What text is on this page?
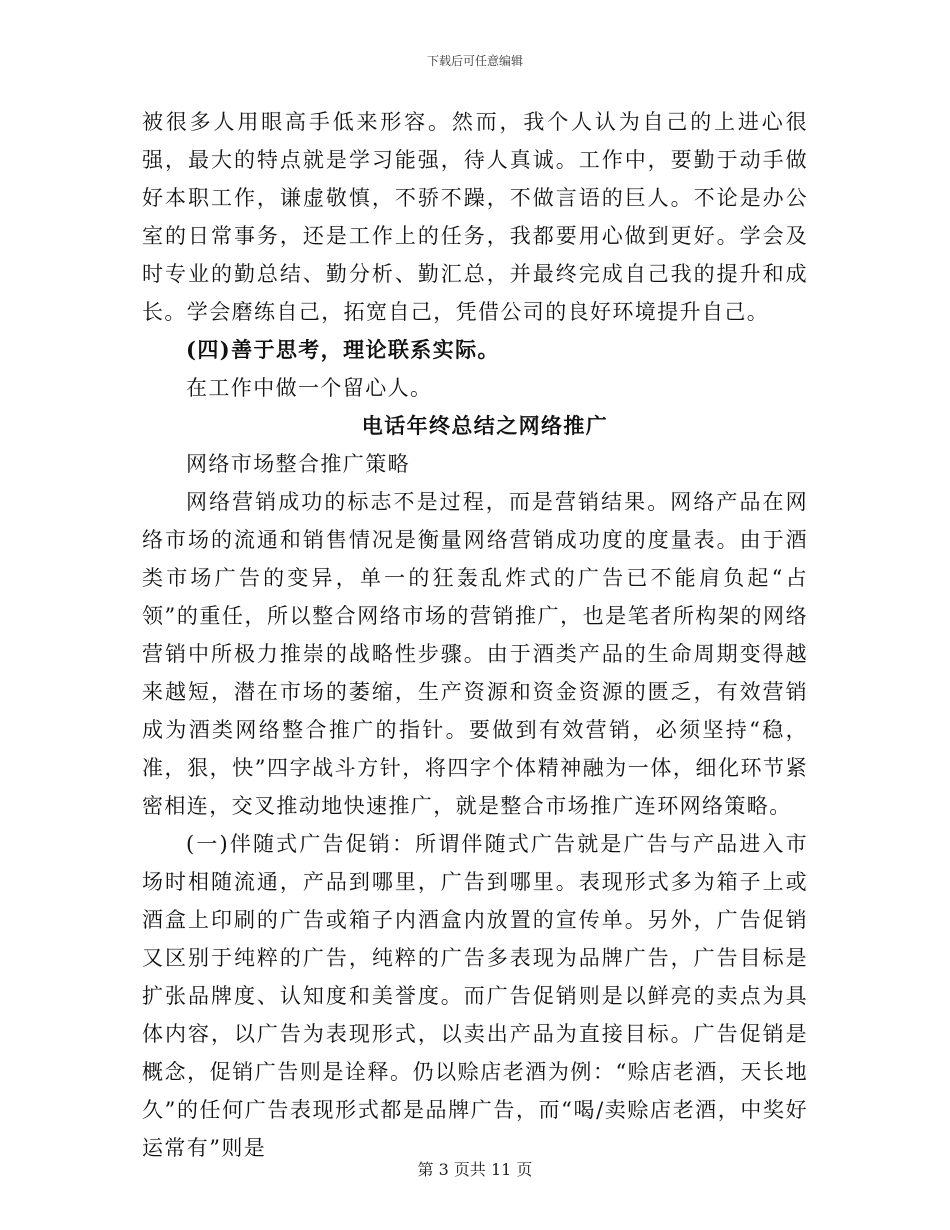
下载后可任意编辑

被很多人用眼高手低来形容。然而，我个人认为自己的上进心很强，最大的特点就是学习能强，待人真诚。工作中，要勤于动手做好本职工作，谦虚敬慎，不骄不躁，不做言语的巨人。不论是办公室的日常事务，还是工作上的任务，我都要用心做到更好。学会及时专业的勤总结、勤分析、勤汇总，并最终完成自己我的提升和成长。学会磨练自己，拓宽自己，凭借公司的良好环境提升自己。

(四)善于思考，理论联系实际。

在工作中做一个留心人。

电话年终总结之网络推广

网络市场整合推广策略

网络营销成功的标志不是过程，而是营销结果。网络产品在网络市场的流通和销售情况是衡量网络营销成功度的度量表。由于酒类市场广告的变异，单一的狂轰乱炸式的广告已不能肩负起“占领”的重任，所以整合网络市场的营销推广，也是笔者所构架的网络营销中所极力推崇的战略性步骤。由于酒类产品的生命周期变得越来越短，潜在市场的萎缩，生产资源和资金资源的匮乏，有效营销成为酒类网络整合推广的指针。要做到有效营销，必须坚持“稳，准，狠，快”四字战斗方针，将四字个体精神融为一体，细化环节紧密相连，交叉推动地快速推广，就是整合市场推广连环网络策略。

(一)伴随式广告促销：所谓伴随式广告就是广告与产品进入市场时相随流通，产品到哪里，广告到哪里。表现形式多为箱子上或酒盒上印刷的广告或箱子内酒盒内放置的宣传单。另外，广告促销又区别于纯粹的广告，纯粹的广告多表现为品牌广告，广告目标是扩张品牌度、认知度和美誉度。而广告促销则是以鲜亮的卖点为具体内容，以广告为表现形式，以卖出产品为直接目标。广告促销是概念，促销广告则是诠释。仍以赊店老酒为例：“赊店老酒，天长地久”的任何广告表现形式都是品牌广告，而“喝/卖赊店老酒，中奖好运常有”则是

第 3 页共 11 页
